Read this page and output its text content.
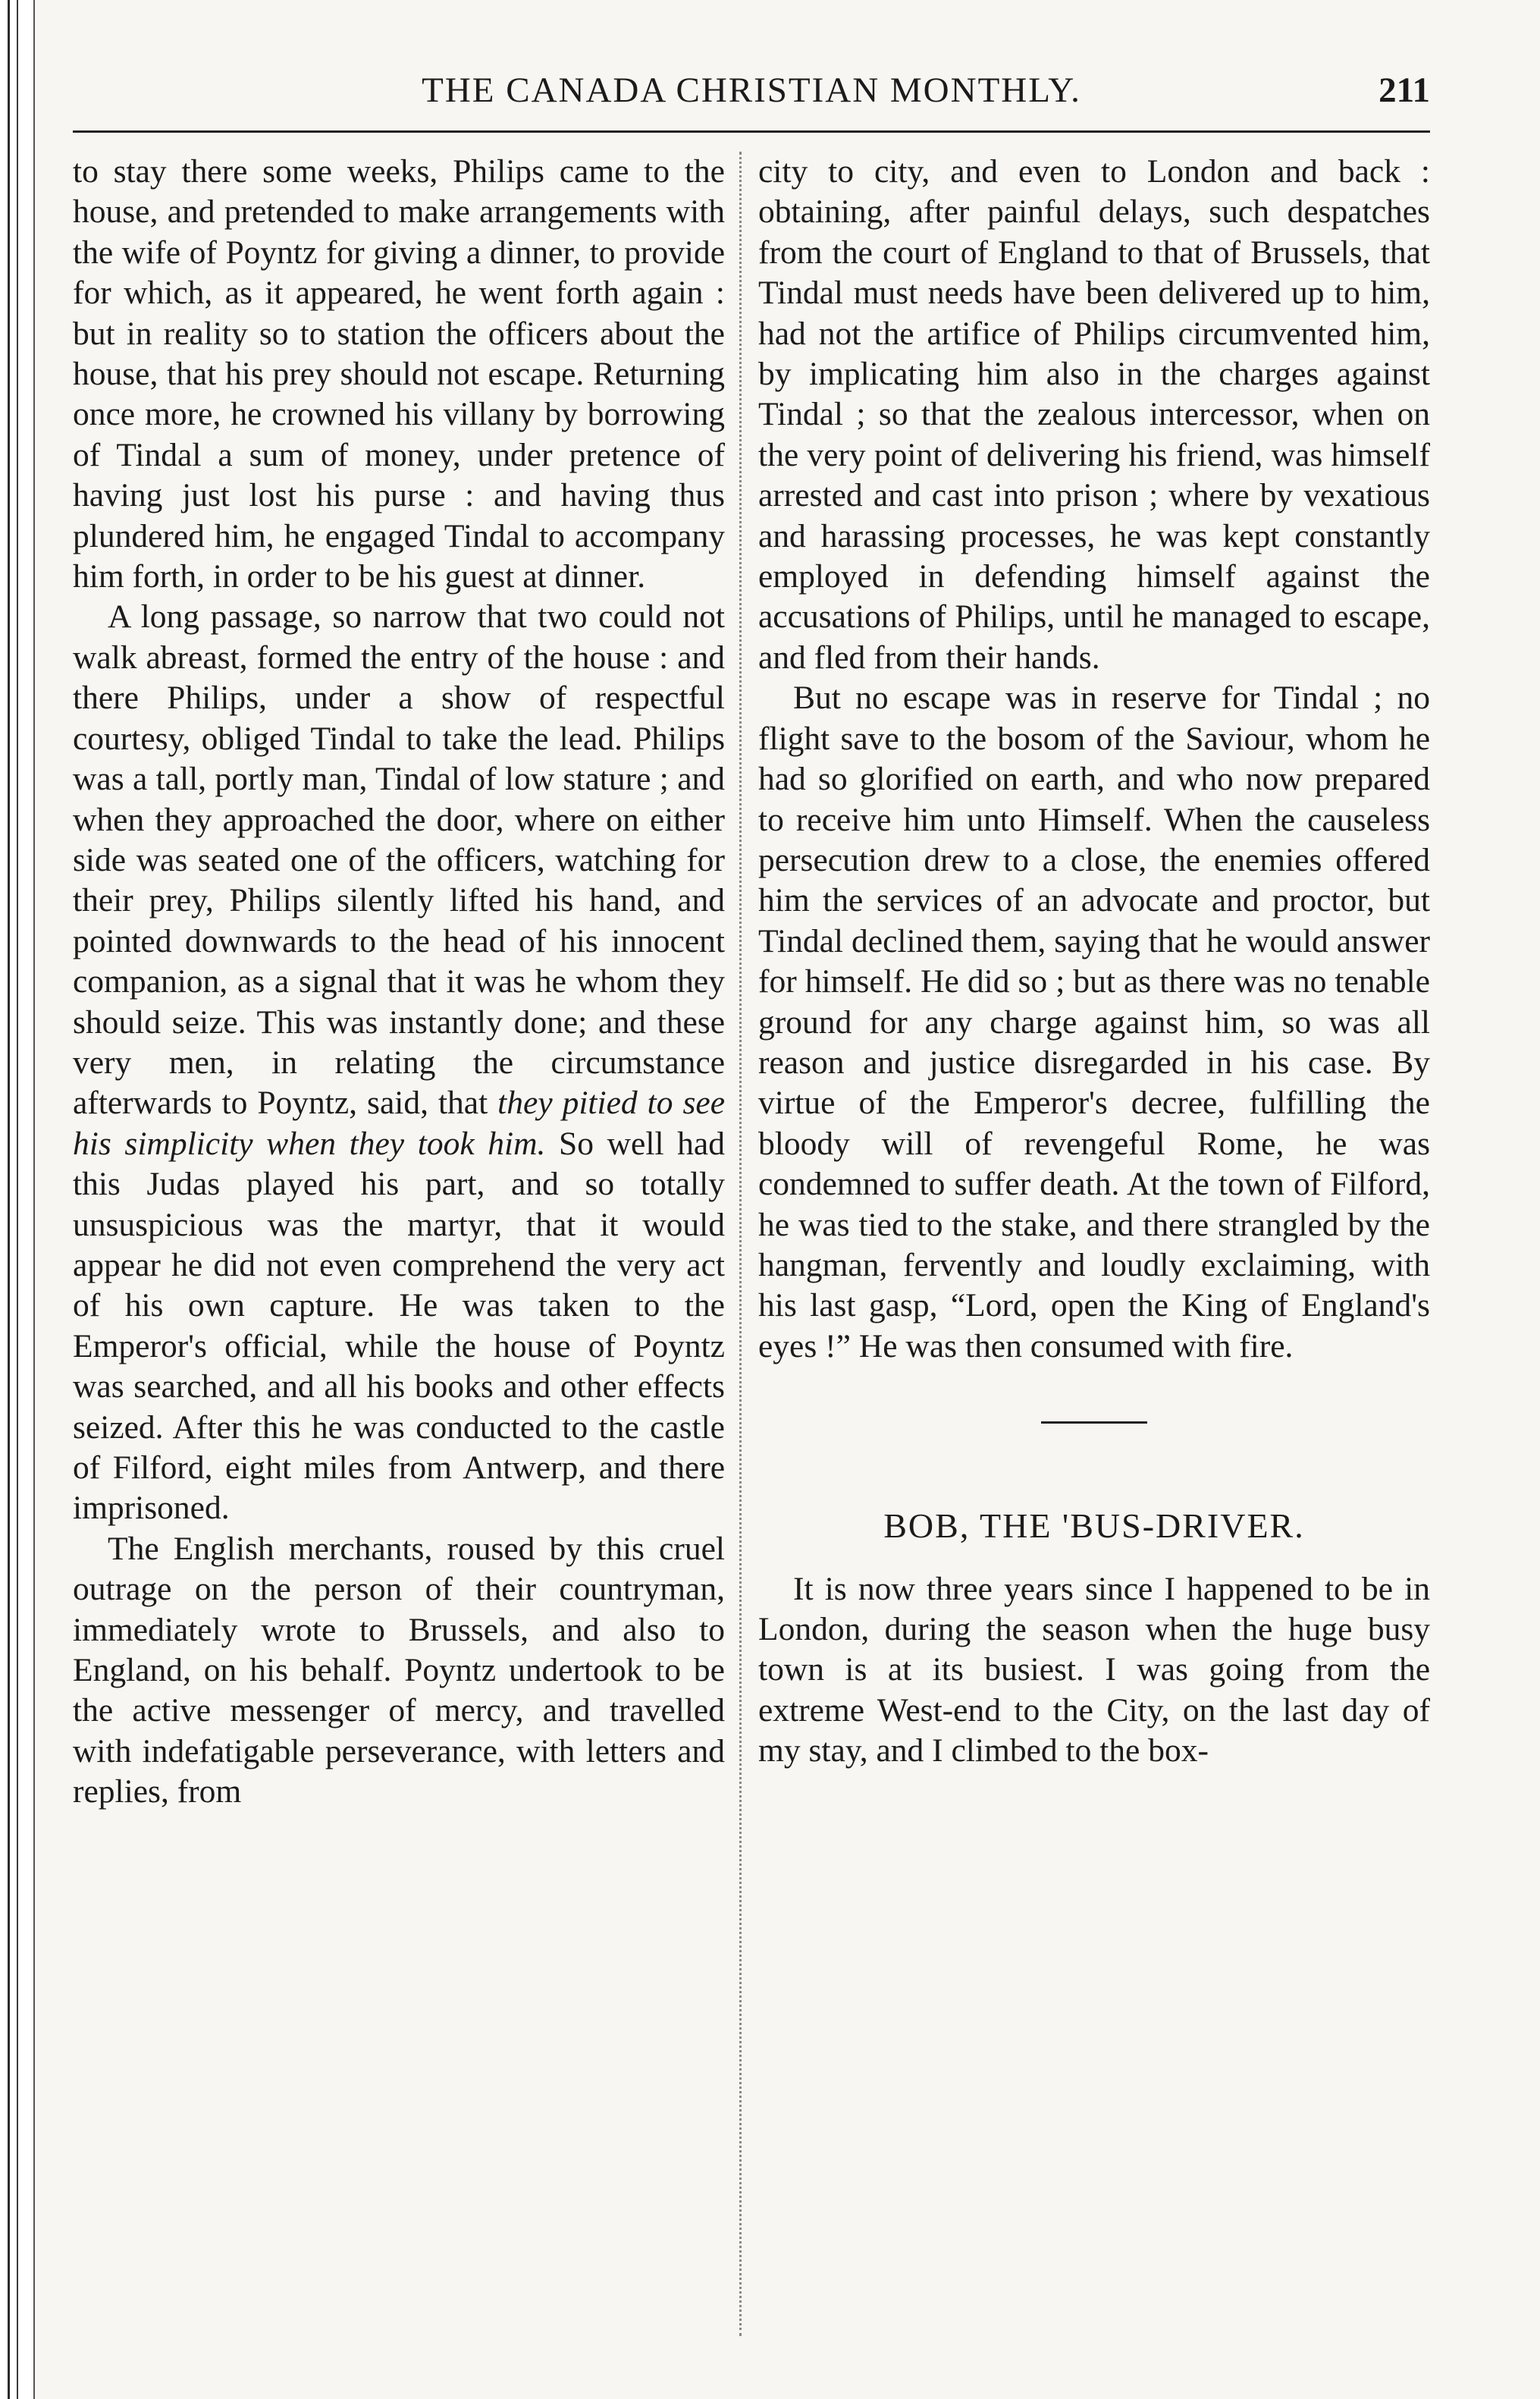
THE CANADA CHRISTIAN MONTHLY.	211

to stay there some weeks, Philips came to the house, and pretended to make arrangements with the wife of Poyntz for giving a dinner, to provide for which, as it appeared, he went forth again : but in reality so to station the officers about the house, that his prey should not escape. Returning once more, he crowned his villany by borrowing of Tindal a sum of money, under pretence of having just lost his purse : and having thus plundered him, he engaged Tindal to accompany him forth, in order to be his guest at dinner.

A long passage, so narrow that two could not walk abreast, formed the entry of the house : and there Philips, under a show of respectful courtesy, obliged Tindal to take the lead. Philips was a tall, portly man, Tindal of low stature ; and when they approached the door, where on either side was seated one of the officers, watching for their prey, Philips silently lifted his hand, and pointed downwards to the head of his innocent companion, as a signal that it was he whom they should seize. This was instantly done; and these very men, in relating the circumstance afterwards to Poyntz, said, that they pitied to see his simplicity when they took him. So well had this Judas played his part, and so totally unsuspicious was the martyr, that it would appear he did not even comprehend the very act of his own capture. He was taken to the Emperor's official, while the house of Poyntz was searched, and all his books and other effects seized. After this he was conducted to the castle of Filford, eight miles from Antwerp, and there imprisoned.

The English merchants, roused by this cruel outrage on the person of their countryman, immediately wrote to Brussels, and also to England, on his behalf. Poyntz undertook to be the active messenger of mercy, and travelled with indefatigable perseverance, with letters and replies, from

city to city, and even to London and back : obtaining, after painful delays, such despatches from the court of England to that of Brussels, that Tindal must needs have been delivered up to him, had not the artifice of Philips circumvented him, by implicating him also in the charges against Tindal ; so that the zealous intercessor, when on the very point of delivering his friend, was himself arrested and cast into prison ; where by vexatious and harassing processes, he was kept constantly employed in defending himself against the accusations of Philips, until he managed to escape, and fled from their hands.

But no escape was in reserve for Tindal ; no flight save to the bosom of the Saviour, whom he had so glorified on earth, and who now prepared to receive him unto Himself. When the causeless persecution drew to a close, the enemies offered him the services of an advocate and proctor, but Tindal declined them, saying that he would answer for himself. He did so ; but as there was no tenable ground for any charge against him, so was all reason and justice disregarded in his case. By virtue of the Emperor's decree, fulfilling the bloody will of revengeful Rome, he was condemned to suffer death. At the town of Filford, he was tied to the stake, and there strangled by the hangman, fervently and loudly exclaiming, with his last gasp, “Lord, open the King of England's eyes !” He was then consumed with fire.

BOB, THE 'BUS-DRIVER.

It is now three years since I happened to be in London, during the season when the huge busy town is at its busiest. I was going from the extreme West-end to the City, on the last day of my stay, and I climbed to the box-
